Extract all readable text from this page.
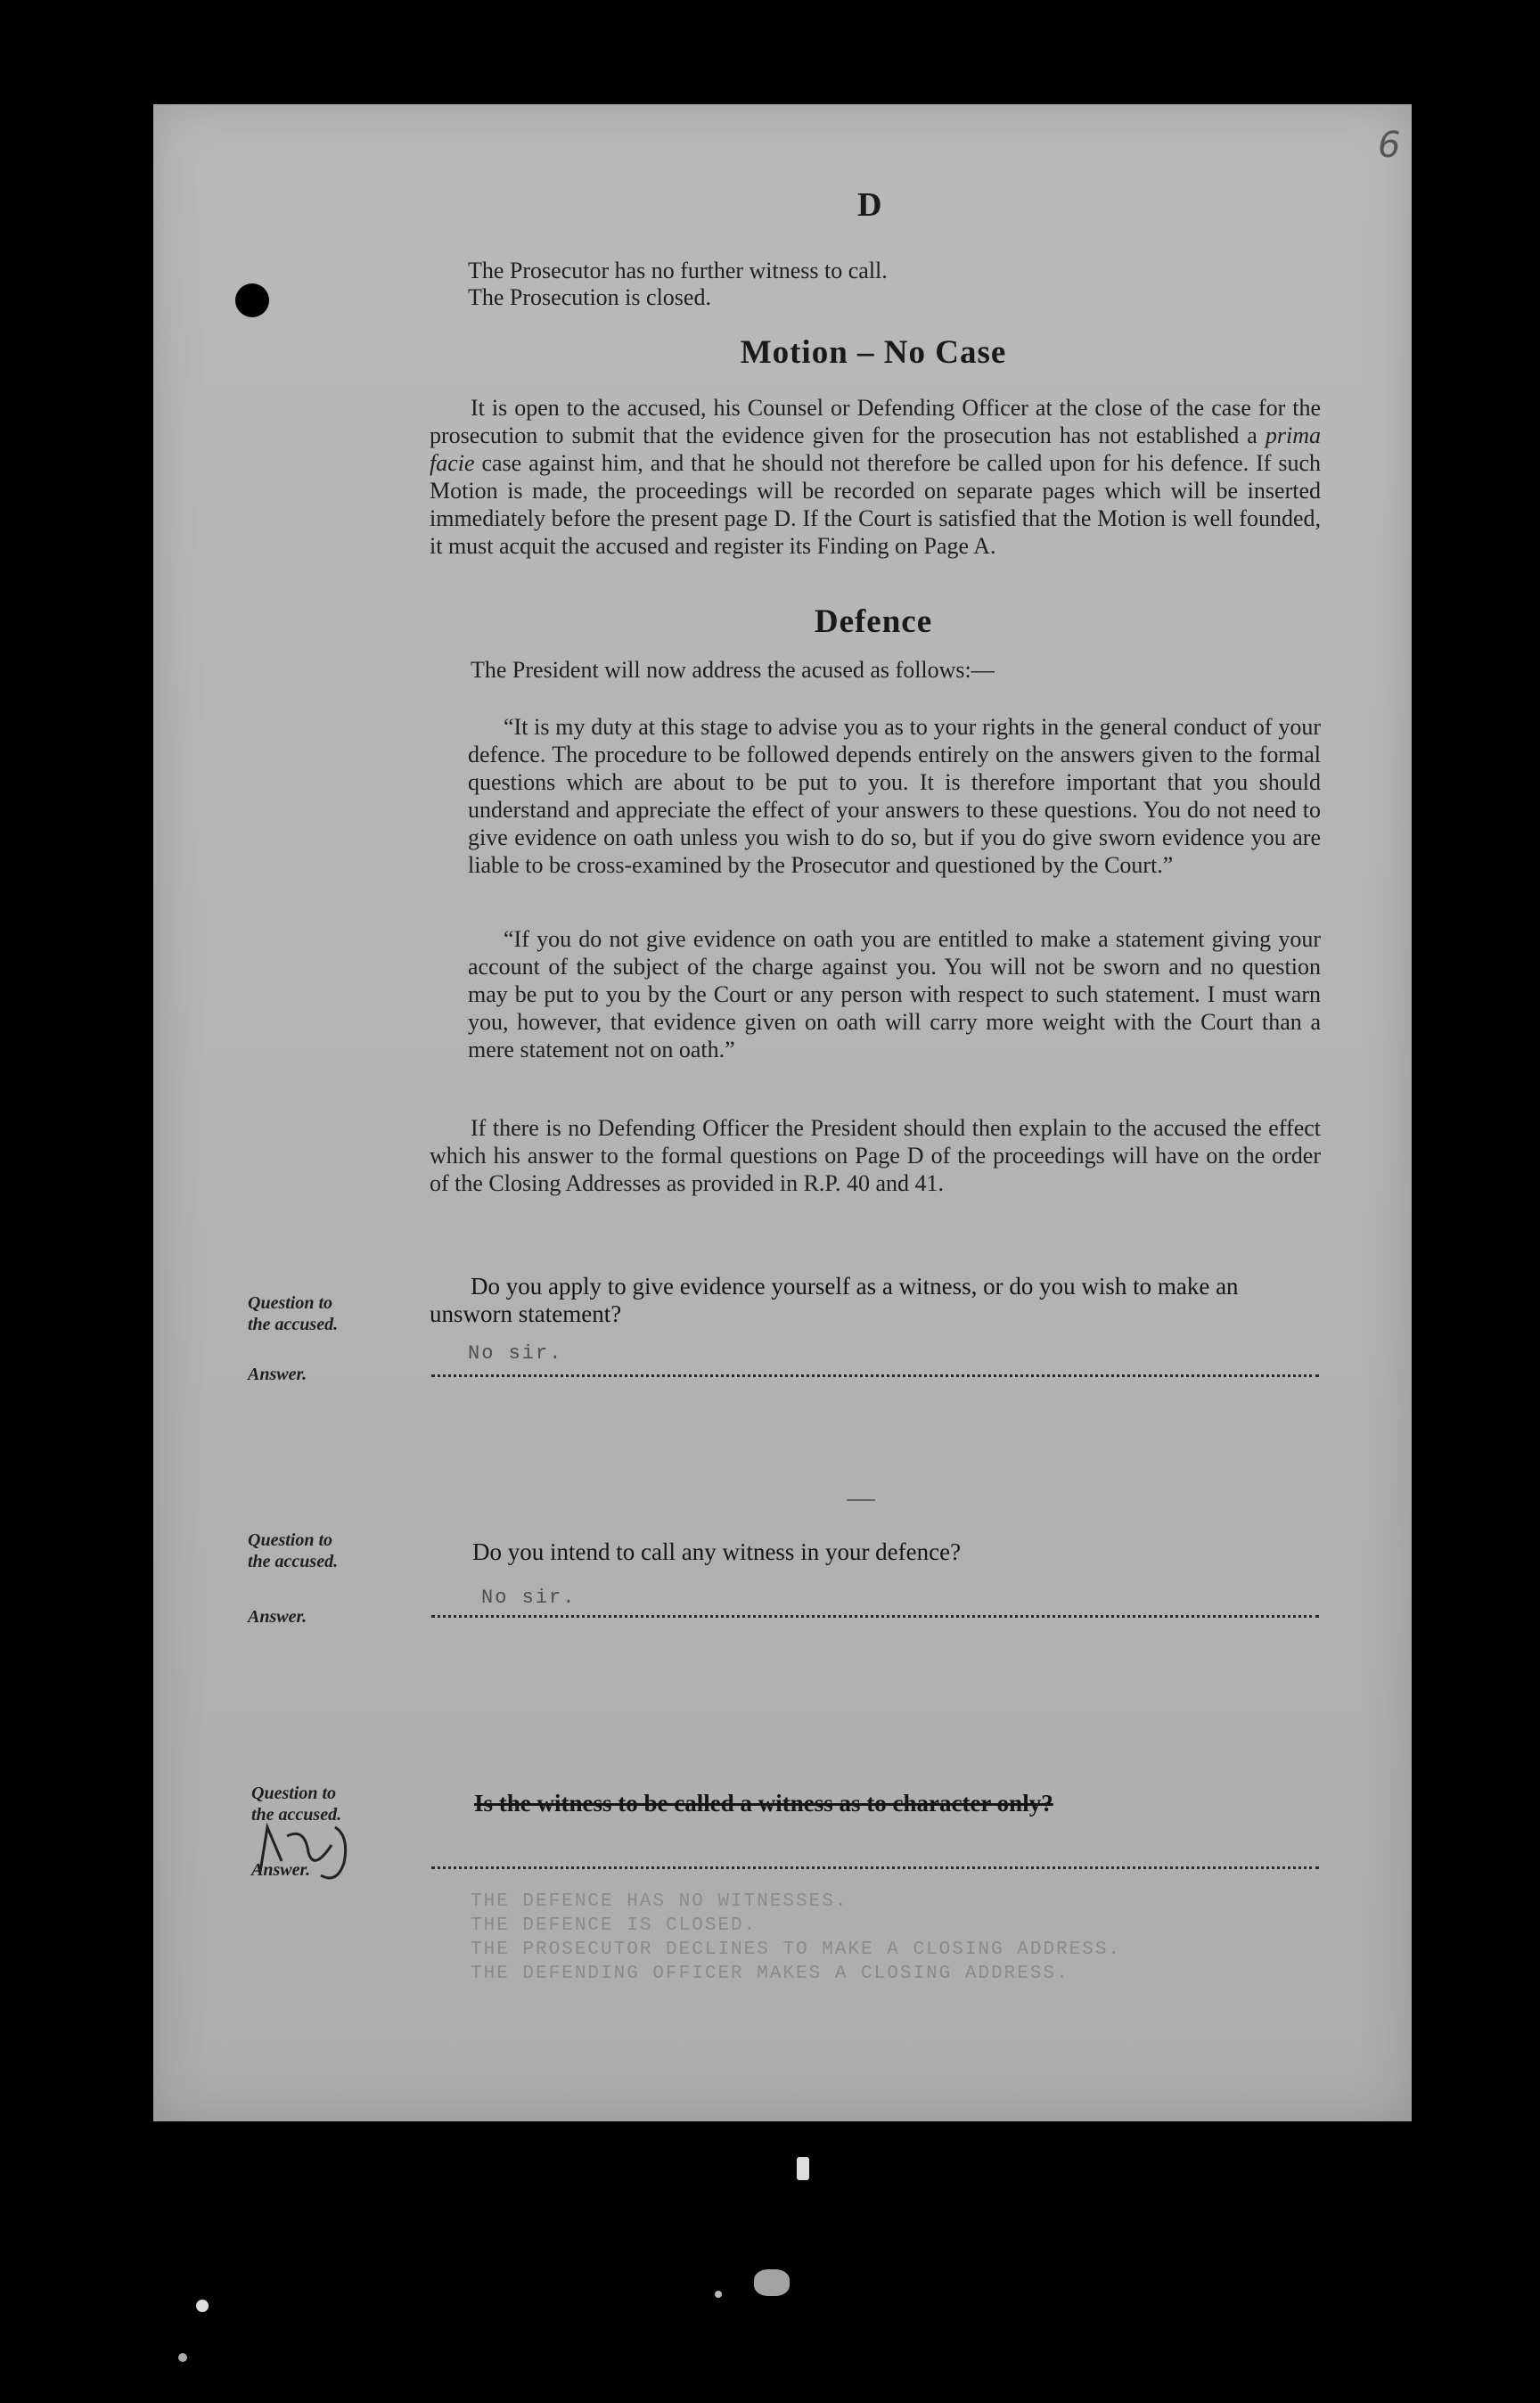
D
6
The Prosecutor has no further witness to call.
The Prosecution is closed.
Motion – No Case
It is open to the accused, his Counsel or Defending Officer at the close of the case for the prosecution to submit that the evidence given for the prosecution has not established a prima facie case against him, and that he should not therefore be called upon for his defence. If such Motion is made, the proceedings will be recorded on separate pages which will be inserted immediately before the present page D. If the Court is satisfied that the Motion is well founded, it must acquit the accused and register its Finding on Page A.
Defence
The President will now address the acused as follows:—
“It is my duty at this stage to advise you as to your rights in the general conduct of your defence. The procedure to be followed depends entirely on the answers given to the formal questions which are about to be put to you. It is therefore important that you should understand and appreciate the effect of your answers to these questions. You do not need to give evidence on oath unless you wish to do so, but if you do give sworn evidence you are liable to be cross-examined by the Prosecutor and questioned by the Court.”
“If you do not give evidence on oath you are entitled to make a statement giving your account of the subject of the charge against you. You will not be sworn and no question may be put to you by the Court or any person with respect to such statement. I must warn you, however, that evidence given on oath will carry more weight with the Court than a mere statement not on oath.”
If there is no Defending Officer the President should then explain to the accused the effect which his answer to the formal questions on Page D of the proceedings will have on the order of the Closing Addresses as provided in R.P. 40 and 41.
Question to
the accused.
Do you apply to give evidence yourself as a witness, or do you wish to make an unsworn statement?
Answer.
No sir.
Question to
the accused.	Do you intend to call any witness in your defence?
Answer.
No sir.
Question to
the accused.	Is the witness to be called a witness as to character only?
Answer.
THE DEFENCE HAS NO WITNESSES.
THE DEFENCE IS CLOSED.
THE PROSECUTOR DECLINES TO MAKE A CLOSING ADDRESS.
THE DEFENDING OFFICER MAKES A CLOSING ADDRESS.
